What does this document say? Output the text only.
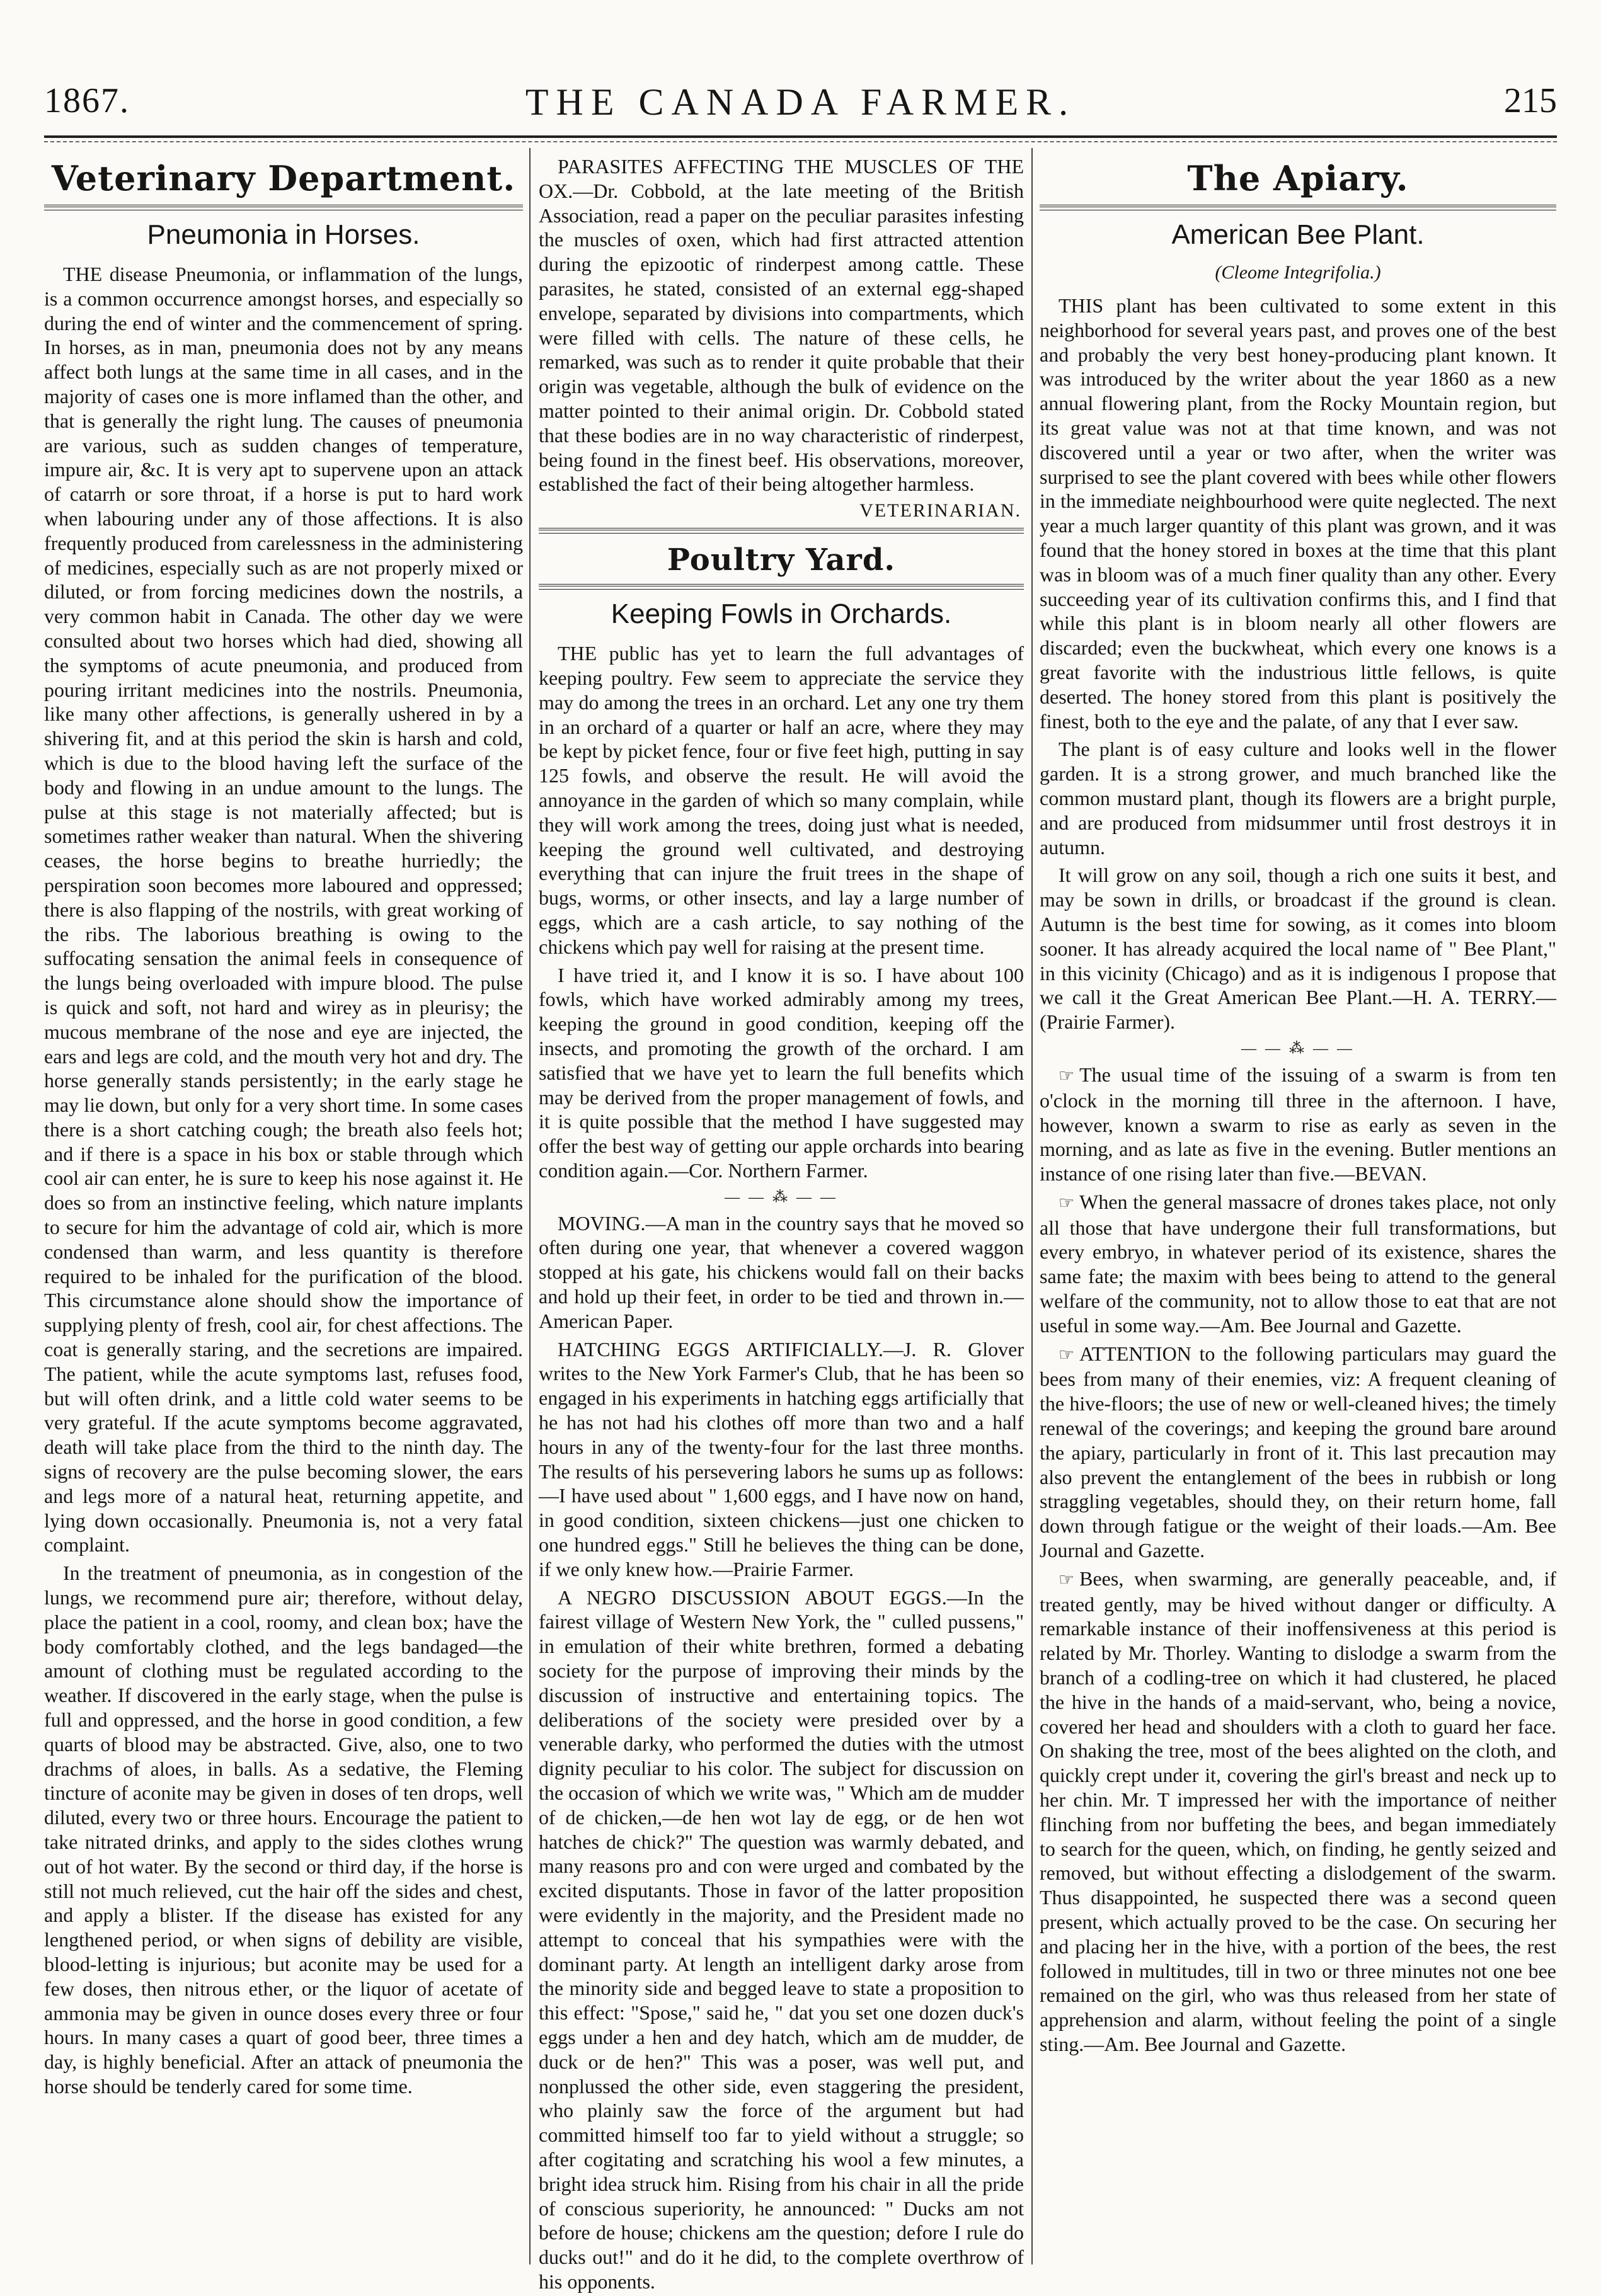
1867.	THE CANADA FARMER.	215
Veterinary Department.
Pneumonia in Horses.

THE disease Pneumonia, or inflammation of the lungs, is a common occurrence amongst horses, and especially so during the end of winter and the commencement of spring. In horses, as in man, pneumonia does not by any means affect both lungs at the same time in all cases, and in the majority of cases one is more inflamed than the other, and that is generally the right lung. The causes of pneumonia are various, such as sudden changes of temperature, impure air, &c. It is very apt to supervene upon an attack of catarrh or sore throat, if a horse is put to hard work when labouring under any of those affections. It is also frequently produced from carelessness in the administering of medicines, especially such as are not properly mixed or diluted, or from forcing medicines down the nostrils, a very common habit in Canada. The other day we were consulted about two horses which had died, showing all the symptoms of acute pneumonia, and produced from pouring irritant medicines into the nostrils. Pneumonia, like many other affections, is generally ushered in by a shivering fit, and at this period the skin is harsh and cold, which is due to the blood having left the surface of the body and flowing in an undue amount to the lungs. The pulse at this stage is not materially affected; but is sometimes rather weaker than natural. When the shivering ceases, the horse begins to breathe hurriedly; the perspiration soon becomes more laboured and oppressed; there is also flapping of the nostrils, with great working of the ribs. The laborious breathing is owing to the suffocating sensation the animal feels in consequence of the lungs being overloaded with impure blood. The pulse is quick and soft, not hard and wirey as in pleurisy; the mucous membrane of the nose and eye are injected, the ears and legs are cold, and the mouth very hot and dry. The horse generally stands persistently; in the early stage he may lie down, but only for a very short time. In some cases there is a short catching cough; the breath also feels hot; and if there is a space in his box or stable through which cool air can enter, he is sure to keep his nose against it. He does so from an instinctive feeling, which nature implants to secure for him the advantage of cold air, which is more condensed than warm, and less quantity is therefore required to be inhaled for the purification of the blood. This circumstance alone should show the importance of supplying plenty of fresh, cool air, for chest affections. The coat is generally staring, and the secretions are impaired. The patient, while the acute symptoms last, refuses food, but will often drink, and a little cold water seems to be very grateful. If the acute symptoms become aggravated, death will take place from the third to the ninth day. The signs of recovery are the pulse becoming slower, the ears and legs more of a natural heat, returning appetite, and lying down occasionally. Pneumonia is, not a very fatal complaint.

In the treatment of pneumonia, as in congestion of the lungs, we recommend pure air; therefore, without delay, place the patient in a cool, roomy, and clean box; have the body comfortably clothed, and the legs bandaged—the amount of clothing must be regulated according to the weather. If discovered in the early stage, when the pulse is full and oppressed, and the horse in good condition, a few quarts of blood may be abstracted. Give, also, one to two drachms of aloes, in balls. As a sedative, the Fleming tincture of aconite may be given in doses of ten drops, well diluted, every two or three hours. Encourage the patient to take nitrated drinks, and apply to the sides clothes wrung out of hot water. By the second or third day, if the horse is still not much relieved, cut the hair off the sides and chest, and apply a blister. If the disease has existed for any lengthened period, or when signs of debility are visible, blood-letting is injurious; but aconite may be used for a few doses, then nitrous ether, or the liquor of acetate of ammonia may be given in ounce doses every three or four hours. In many cases a quart of good beer, three times a day, is highly beneficial. After an attack of pneumonia the horse should be tenderly cared for some time.

PARASITES AFFECTING THE MUSCLES OF THE OX.—Dr. Cobbold, at the late meeting of the British Association, read a paper on the peculiar parasites infesting the muscles of oxen, which had first attracted attention during the epizootic of rinderpest among cattle. These parasites, he stated, consisted of an external egg-shaped envelope, separated by divisions into compartments, which were filled with cells. The nature of these cells, he remarked, was such as to render it quite probable that their origin was vegetable, although the bulk of evidence on the matter pointed to their animal origin. Dr. Cobbold stated that these bodies are in no way characteristic of rinderpest, being found in the finest beef. His observations, moreover, established the fact of their being altogether harmless.

VETERINARIAN.
Poultry Yard.
Keeping Fowls in Orchards.

THE public has yet to learn the full advantages of keeping poultry. Few seem to appreciate the service they may do among the trees in an orchard. Let any one try them in an orchard of a quarter or half an acre, where they may be kept by picket fence, four or five feet high, putting in say 125 fowls, and observe the result. He will avoid the annoyance in the garden of which so many complain, while they will work among the trees, doing just what is needed, keeping the ground well cultivated, and destroying everything that can injure the fruit trees in the shape of bugs, worms, or other insects, and lay a large number of eggs, which are a cash article, to say nothing of the chickens which pay well for raising at the present time.

I have tried it, and I know it is so. I have about 100 fowls, which have worked admirably among my trees, keeping the ground in good condition, keeping off the insects, and promoting the growth of the orchard. I am satisfied that we have yet to learn the full benefits which may be derived from the proper management of fowls, and it is quite possible that the method I have suggested may offer the best way of getting our apple orchards into bearing condition again.—Cor. Northern Farmer.

— — ⁂ — —

MOVING.—A man in the country says that he moved so often during one year, that whenever a covered waggon stopped at his gate, his chickens would fall on their backs and hold up their feet, in order to be tied and thrown in.—American Paper.

HATCHING EGGS ARTIFICIALLY.—J. R. Glover writes to the New York Farmer's Club, that he has been so engaged in his experiments in hatching eggs artificially that he has not had his clothes off more than two and a half hours in any of the twenty-four for the last three months. The results of his persevering labors he sums up as follows:—I have used about " 1,600 eggs, and I have now on hand, in good condition, sixteen chickens—just one chicken to one hundred eggs." Still he believes the thing can be done, if we only knew how.—Prairie Farmer.

A NEGRO DISCUSSION ABOUT EGGS.—In the fairest village of Western New York, the " culled pussens," in emulation of their white brethren, formed a debating society for the purpose of improving their minds by the discussion of instructive and entertaining topics. The deliberations of the society were presided over by a venerable darky, who performed the duties with the utmost dignity peculiar to his color. The subject for discussion on the occasion of which we write was, " Which am de mudder of de chicken,—de hen wot lay de egg, or de hen wot hatches de chick?" The question was warmly debated, and many reasons pro and con were urged and combated by the excited disputants. Those in favor of the latter proposition were evidently in the majority, and the President made no attempt to conceal that his sympathies were with the dominant party. At length an intelligent darky arose from the minority side and begged leave to state a proposition to this effect: "Spose," said he, " dat you set one dozen duck's eggs under a hen and dey hatch, which am de mudder, de duck or de hen?" This was a poser, was well put, and nonplussed the other side, even staggering the president, who plainly saw the force of the argument but had committed himself too far to yield without a struggle; so after cogitating and scratching his wool a few minutes, a bright idea struck him. Rising from his chair in all the pride of conscious superiority, he announced: " Ducks am not before de house; chickens am the question; defore I rule do ducks out!" and do it he did, to the complete overthrow of his opponents.

The Apiary.
American Bee Plant.
(Cleome Integrifolia.)

THIS plant has been cultivated to some extent in this neighborhood for several years past, and proves one of the best and probably the very best honey-producing plant known. It was introduced by the writer about the year 1860 as a new annual flowering plant, from the Rocky Mountain region, but its great value was not at that time known, and was not discovered until a year or two after, when the writer was surprised to see the plant covered with bees while other flowers in the immediate neighbourhood were quite neglected. The next year a much larger quantity of this plant was grown, and it was found that the honey stored in boxes at the time that this plant was in bloom was of a much finer quality than any other. Every succeeding year of its cultivation confirms this, and I find that while this plant is in bloom nearly all other flowers are discarded; even the buckwheat, which every one knows is a great favorite with the industrious little fellows, is quite deserted. The honey stored from this plant is positively the finest, both to the eye and the palate, of any that I ever saw.

The plant is of easy culture and looks well in the flower garden. It is a strong grower, and much branched like the common mustard plant, though its flowers are a bright purple, and are produced from midsummer until frost destroys it in autumn.

It will grow on any soil, though a rich one suits it best, and may be sown in drills, or broadcast if the ground is clean. Autumn is the best time for sowing, as it comes into bloom sooner. It has already acquired the local name of " Bee Plant," in this vicinity (Chicago) and as it is indigenous I propose that we call it the Great American Bee Plant.—H. A. TERRY.—(Prairie Farmer).

— — ⁂ — —

☞ The usual time of the issuing of a swarm is from ten o'clock in the morning till three in the afternoon. I have, however, known a swarm to rise as early as seven in the morning, and as late as five in the evening. Butler mentions an instance of one rising later than five.—BEVAN.

☞ When the general massacre of drones takes place, not only all those that have undergone their full transformations, but every embryo, in whatever period of its existence, shares the same fate; the maxim with bees being to attend to the general welfare of the community, not to allow those to eat that are not useful in some way.—Am. Bee Journal and Gazette.

☞ ATTENTION to the following particulars may guard the bees from many of their enemies, viz: A frequent cleaning of the hive-floors; the use of new or well-cleaned hives; the timely renewal of the coverings; and keeping the ground bare around the apiary, particularly in front of it. This last precaution may also prevent the entanglement of the bees in rubbish or long straggling vegetables, should they, on their return home, fall down through fatigue or the weight of their loads.—Am. Bee Journal and Gazette.

☞ Bees, when swarming, are generally peaceable, and, if treated gently, may be hived without danger or difficulty. A remarkable instance of their inoffensiveness at this period is related by Mr. Thorley. Wanting to dislodge a swarm from the branch of a codling-tree on which it had clustered, he placed the hive in the hands of a maid-servant, who, being a novice, covered her head and shoulders with a cloth to guard her face. On shaking the tree, most of the bees alighted on the cloth, and quickly crept under it, covering the girl's breast and neck up to her chin. Mr. T impressed her with the importance of neither flinching from nor buffeting the bees, and began immediately to search for the queen, which, on finding, he gently seized and removed, but without effecting a dislodgement of the swarm. Thus disappointed, he suspected there was a second queen present, which actually proved to be the case. On securing her and placing her in the hive, with a portion of the bees, the rest followed in multitudes, till in two or three minutes not one bee remained on the girl, who was thus released from her state of apprehension and alarm, without feeling the point of a single sting.—Am. Bee Journal and Gazette.
